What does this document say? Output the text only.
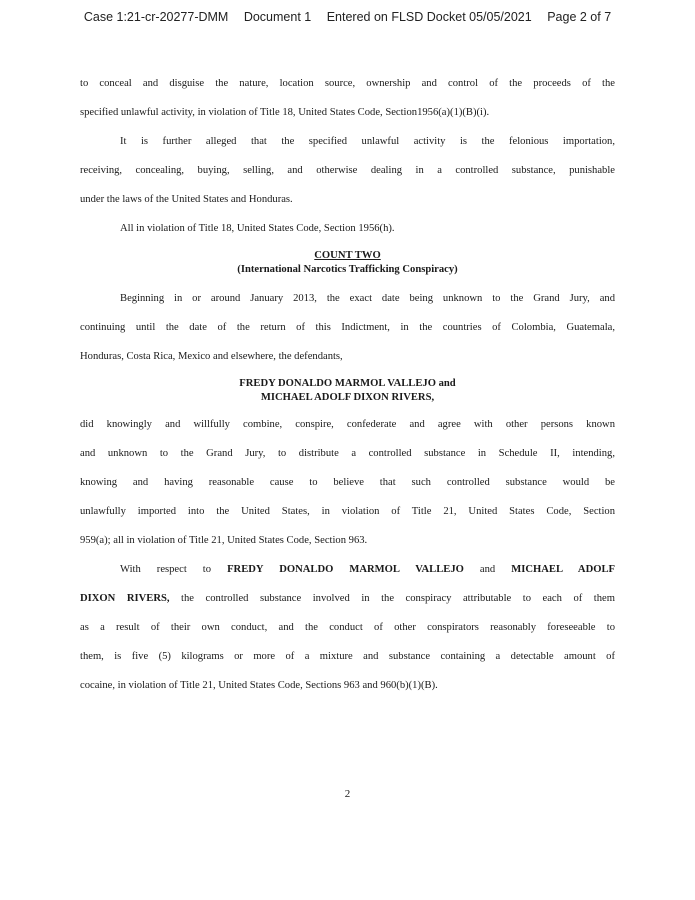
Case 1:21-cr-20277-DMM Document 1 Entered on FLSD Docket 05/05/2021 Page 2 of 7
to conceal and disguise the nature, location source, ownership and control of the proceeds of the
specified unlawful activity, in violation of Title 18, United States Code, Section1956(a)(1)(B)(i).
It is further alleged that the specified unlawful activity is the felonious importation,
receiving, concealing, buying, selling, and otherwise dealing in a controlled substance, punishable
under the laws of the United States and Honduras.
All in violation of Title 18, United States Code, Section 1956(h).
COUNT TWO
(International Narcotics Trafficking Conspiracy)
Beginning in or around January 2013, the exact date being unknown to the Grand Jury, and
continuing until the date of the return of this Indictment, in the countries of Colombia, Guatemala,
Honduras, Costa Rica, Mexico and elsewhere, the defendants,
FREDY DONALDO MARMOL VALLEJO and
MICHAEL ADOLF DIXON RIVERS,
did knowingly and willfully combine, conspire, confederate and agree with other persons known
and unknown to the Grand Jury, to distribute a controlled substance in Schedule II, intending,
knowing and having reasonable cause to believe that such controlled substance would be
unlawfully imported into the United States, in violation of Title 21, United States Code, Section
959(a); all in violation of Title 21, United States Code, Section 963.
With respect to FREDY DONALDO MARMOL VALLEJO and MICHAEL ADOLF
DIXON RIVERS, the controlled substance involved in the conspiracy attributable to each of them
as a result of their own conduct, and the conduct of other conspirators reasonably foreseeable to
them, is five (5) kilograms or more of a mixture and substance containing a detectable amount of
cocaine, in violation of Title 21, United States Code, Sections 963 and 960(b)(1)(B).
2
